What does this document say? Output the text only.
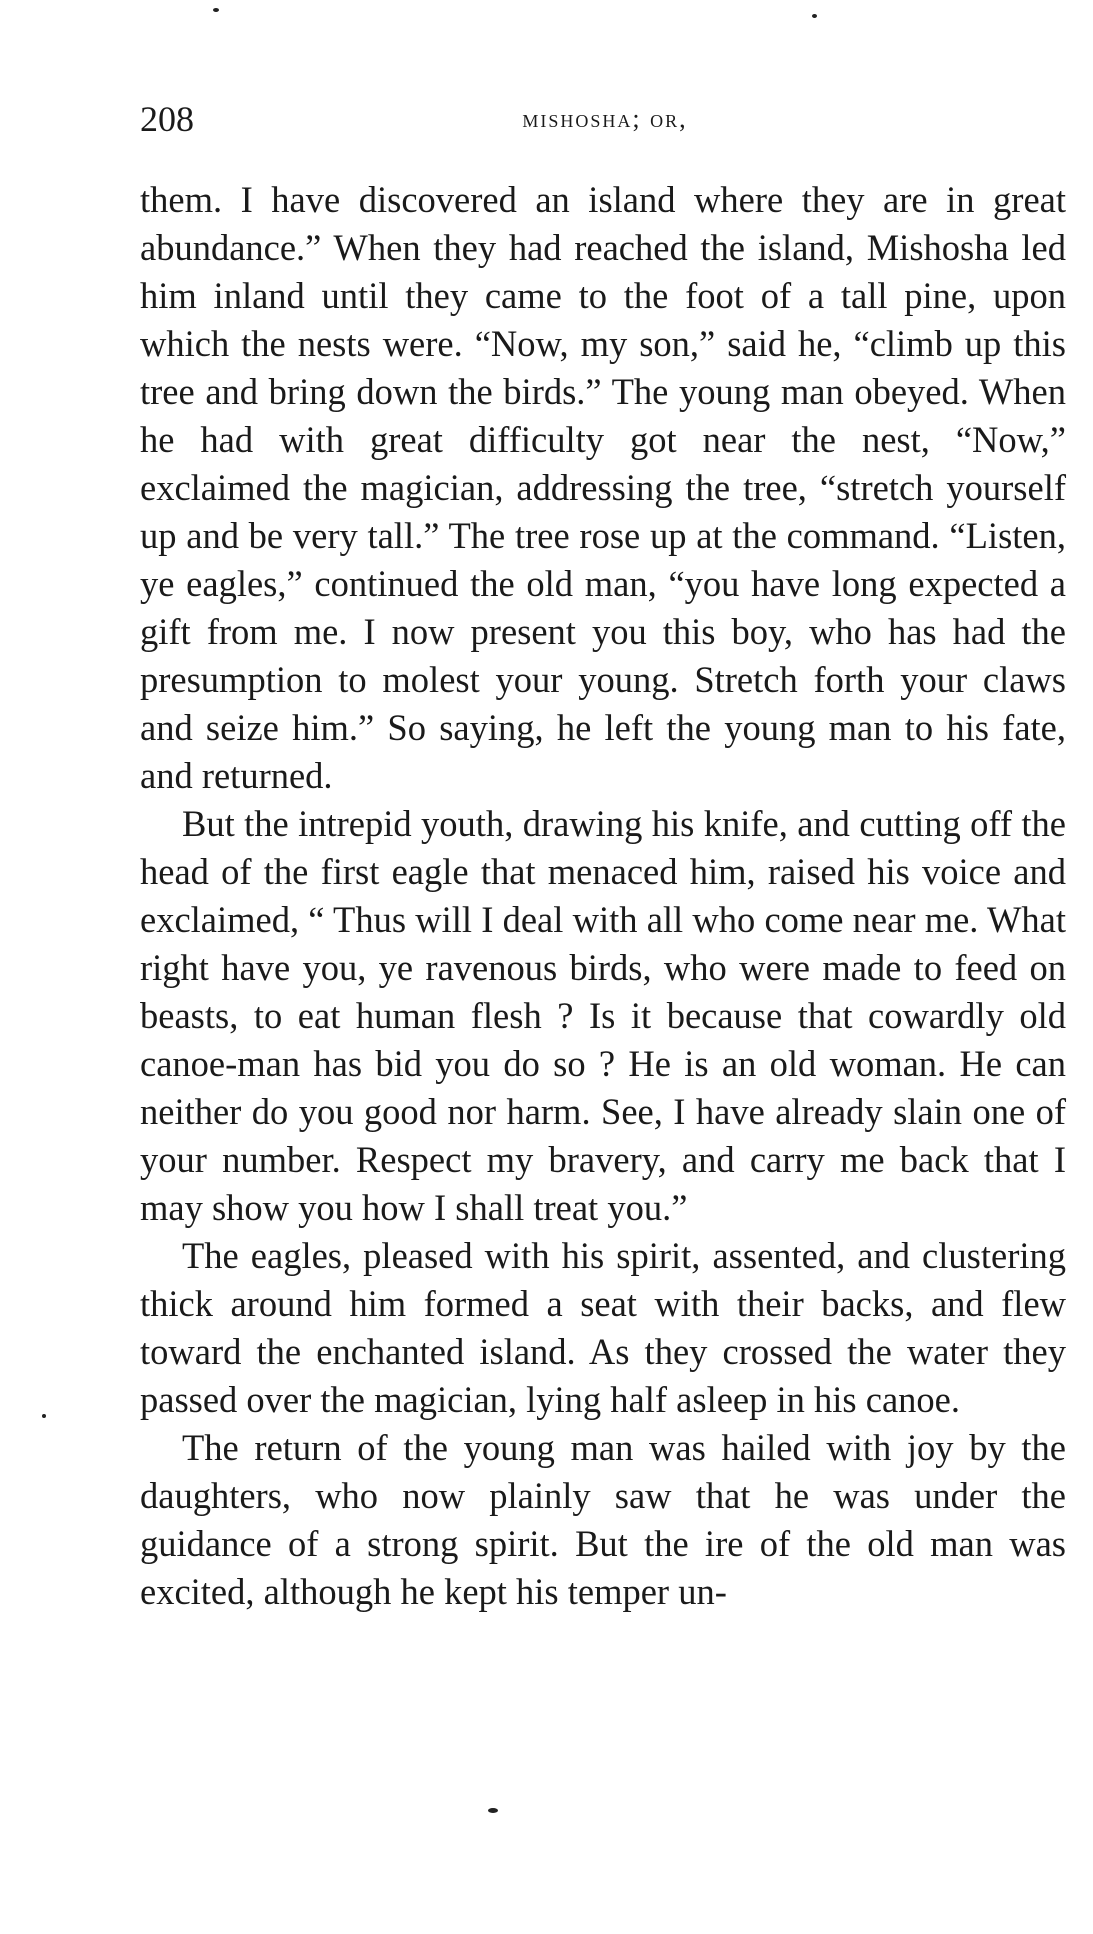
208	mishosha; or,

them. I have discovered an island where they are in great abundance.” When they had reached the island, Mishosha led him inland until they came to the foot of a tall pine, upon which the nests were. “Now, my son,” said he, “climb up this tree and bring down the birds.” The young man obeyed. When he had with great difficulty got near the nest, “Now,” exclaimed the magician, addressing the tree, “stretch yourself up and be very tall.” The tree rose up at the command. “Listen, ye eagles,” continued the old man, “you have long expected a gift from me. I now present you this boy, who has had the presumption to molest your young. Stretch forth your claws and seize him.” So saying, he left the young man to his fate, and returned.

But the intrepid youth, drawing his knife, and cutting off the head of the first eagle that menaced him, raised his voice and exclaimed, “ Thus will I deal with all who come near me. What right have you, ye ravenous birds, who were made to feed on beasts, to eat human flesh ? Is it because that cowardly old canoe-man has bid you do so ? He is an old woman. He can neither do you good nor harm. See, I have already slain one of your number. Respect my bravery, and carry me back that I may show you how I shall treat you.”

The eagles, pleased with his spirit, assented, and clustering thick around him formed a seat with their backs, and flew toward the enchanted island. As they crossed the water they passed over the magician, lying half asleep in his canoe.

The return of the young man was hailed with joy by the daughters, who now plainly saw that he was under the guidance of a strong spirit. But the ire of the old man was excited, although he kept his temper un-
